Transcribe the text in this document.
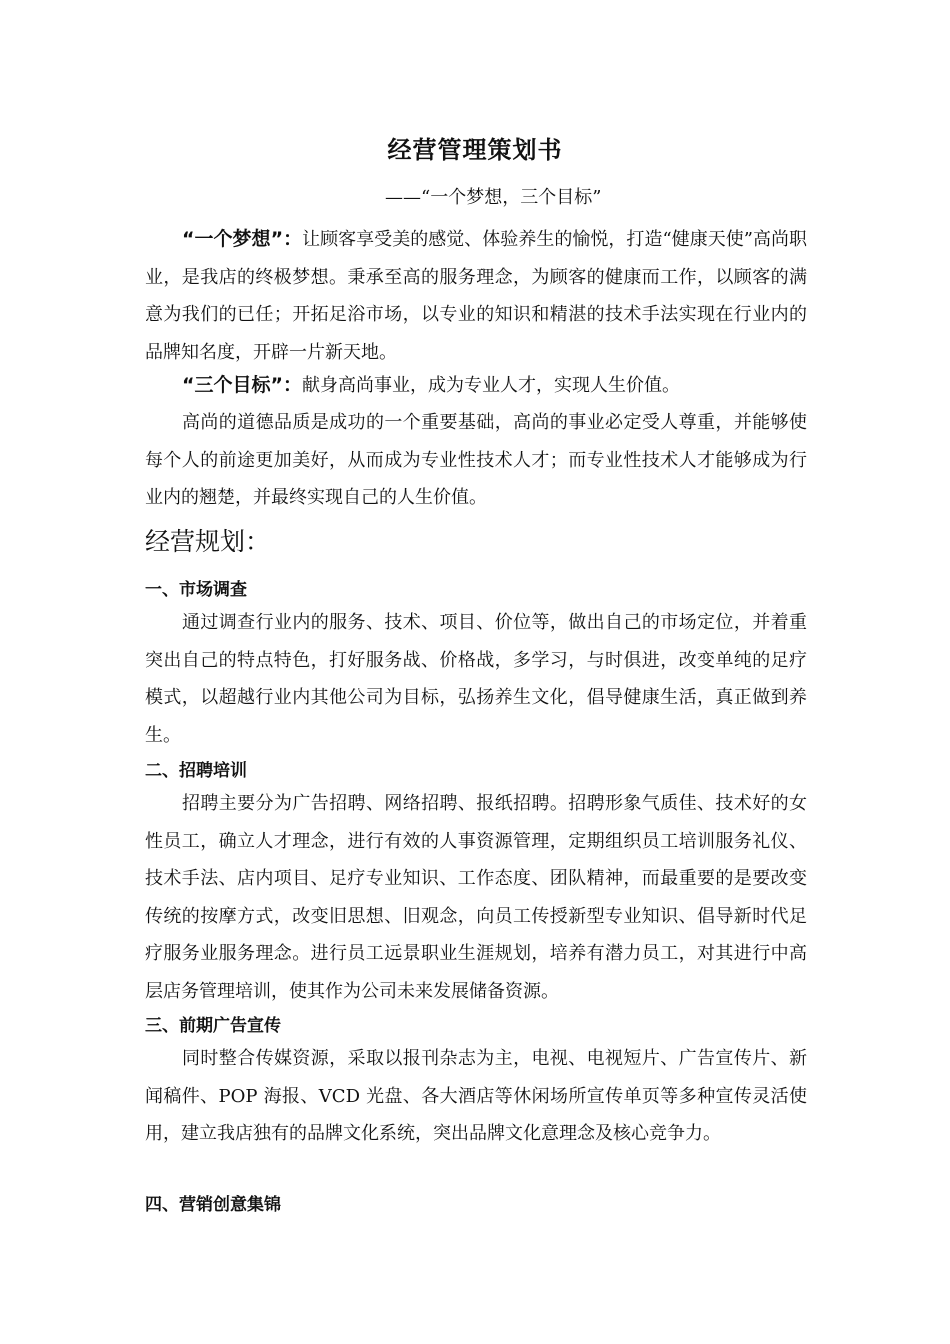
经营管理策划书
——“一个梦想，三个目标”

“一个梦想”：让顾客享受美的感觉、体验养生的愉悦，打造“健康天使”高尚职业，是我店的终极梦想。秉承至高的服务理念，为顾客的健康而工作，以顾客的满意为我们的已任；开拓足浴市场，以专业的知识和精湛的技术手法实现在行业内的品牌知名度，开辟一片新天地。

“三个目标”：献身高尚事业，成为专业人才，实现人生价值。

高尚的道德品质是成功的一个重要基础，高尚的事业必定受人尊重，并能够使每个人的前途更加美好，从而成为专业性技术人才；而专业性技术人才能够成为行业内的翘楚，并最终实现自己的人生价值。

经营规划：
一、市场调查

通过调查行业内的服务、技术、项目、价位等，做出自己的市场定位，并着重突出自己的特点特色，打好服务战、价格战，多学习，与时俱进，改变单纯的足疗模式，以超越行业内其他公司为目标，弘扬养生文化，倡导健康生活，真正做到养生。

二、招聘培训

招聘主要分为广告招聘、网络招聘、报纸招聘。招聘形象气质佳、技术好的女性员工，确立人才理念，进行有效的人事资源管理，定期组织员工培训服务礼仪、技术手法、店内项目、足疗专业知识、工作态度、团队精神，而最重要的是要改变传统的按摩方式，改变旧思想、旧观念，向员工传授新型专业知识、倡导新时代足疗服务业服务理念。进行员工远景职业生涯规划，培养有潜力员工，对其进行中高层店务管理培训，使其作为公司未来发展储备资源。

三、前期广告宣传

同时整合传媒资源，采取以报刊杂志为主，电视、电视短片、广告宣传片、新闻稿件、POP 海报、VCD 光盘、各大酒店等休闲场所宣传单页等多种宣传灵活使用，建立我店独有的品牌文化系统，突出品牌文化意理念及核心竞争力。

四、营销创意集锦
